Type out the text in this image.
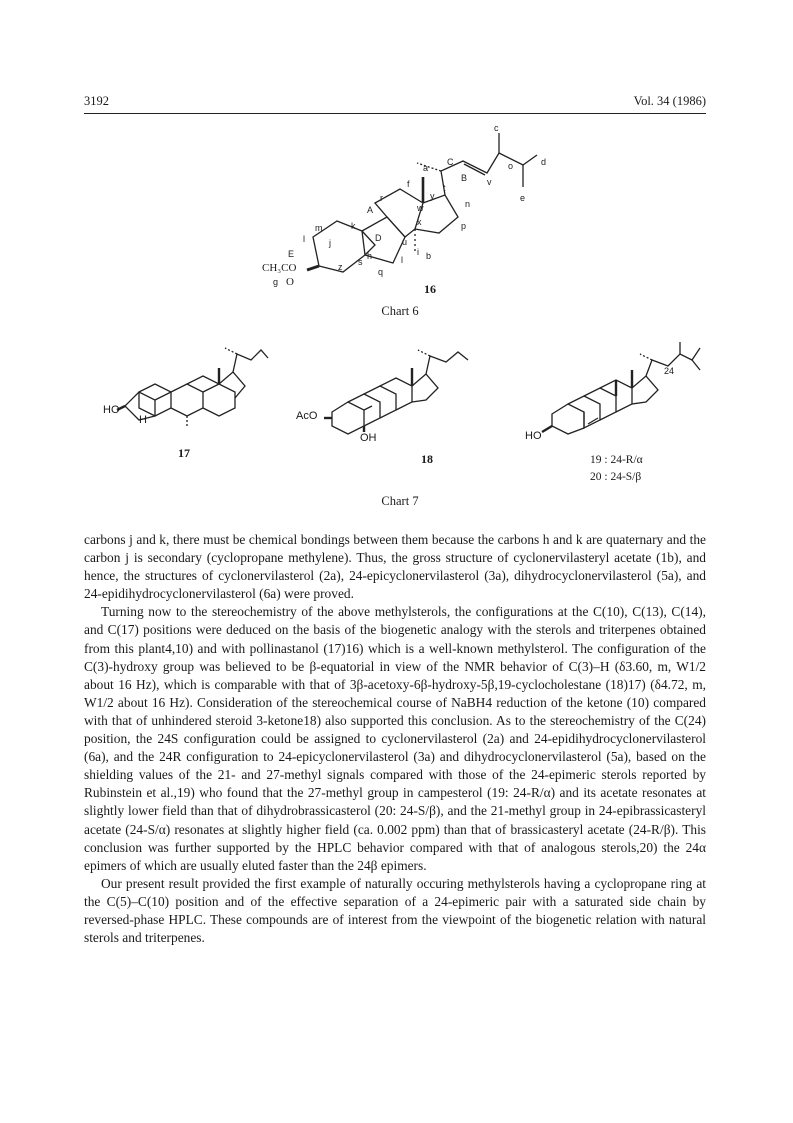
3192	Vol. 34 (1986)
m
l	j
k
A
r
f
a
C
t
B v
c
o	d
e
y
w
x
n
p
D u
i b
l
h
s
q
z
E
g
CH₃CO
O	16
Chart 6
HO
H
17
AcO
OH
18
24
HO
19 : 24-R/α
20 : 24-S/β
Chart 7

carbons j and k, there must be chemical bondings between them because the carbons h and k are quaternary and the carbon j is secondary (cyclopropane methylene). Thus, the gross structure of cyclonervilasteryl acetate (1b), and hence, the structures of cyclonervilasterol (2a), 24-epicyclonervilasterol (3a), dihydrocyclonervilasterol (5a), and 24-epidihydrocyclonervilasterol (6a) were proved.

Turning now to the stereochemistry of the above methylsterols, the configurations at the C(10), C(13), C(14), and C(17) positions were deduced on the basis of the biogenetic analogy with the sterols and triterpenes obtained from this plant4,10) and with pollinastanol (17)16) which is a well-known methylsterol. The configuration of the C(3)-hydroxy group was believed to be β-equatorial in view of the NMR behavior of C(3)–H (δ3.60, m, W1/2 about 16 Hz), which is comparable with that of 3β-acetoxy-6β-hydroxy-5β,19-cyclocholestane (18)17) (δ4.72, m, W1/2 about 16 Hz). Consideration of the stereochemical course of NaBH4 reduction of the ketone (10) compared with that of unhindered steroid 3-ketone18) also supported this conclusion. As to the stereochemistry of the C(24) position, the 24S configuration could be assigned to cyclonervilasterol (2a) and 24-epidihydrocyclonervilasterol (6a), and the 24R configuration to 24-epicyclonervilasterol (3a) and dihydrocyclonervilasterol (5a), based on the shielding values of the 21- and 27-methyl signals compared with those of the 24-epimeric sterols reported by Rubinstein et al.,19) who found that the 27-methyl group in campesterol (19: 24-R/α) and its acetate resonates at slightly lower field than that of dihydrobrassicasterol (20: 24-S/β), and the 21-methyl group in 24-epibrassicasteryl acetate (24-S/α) resonates at slightly higher field (ca. 0.002 ppm) than that of brassicasteryl acetate (24-R/β). This conclusion was further supported by the HPLC behavior compared with that of analogous sterols,20) the 24α epimers of which are usually eluted faster than the 24β epimers.

Our present result provided the first example of naturally occuring methylsterols having a cyclopropane ring at the C(5)–C(10) position and of the effective separation of a 24-epimeric pair with a saturated side chain by reversed-phase HPLC. These compounds are of interest from the viewpoint of the biogenetic relation with natural sterols and triterpenes.
